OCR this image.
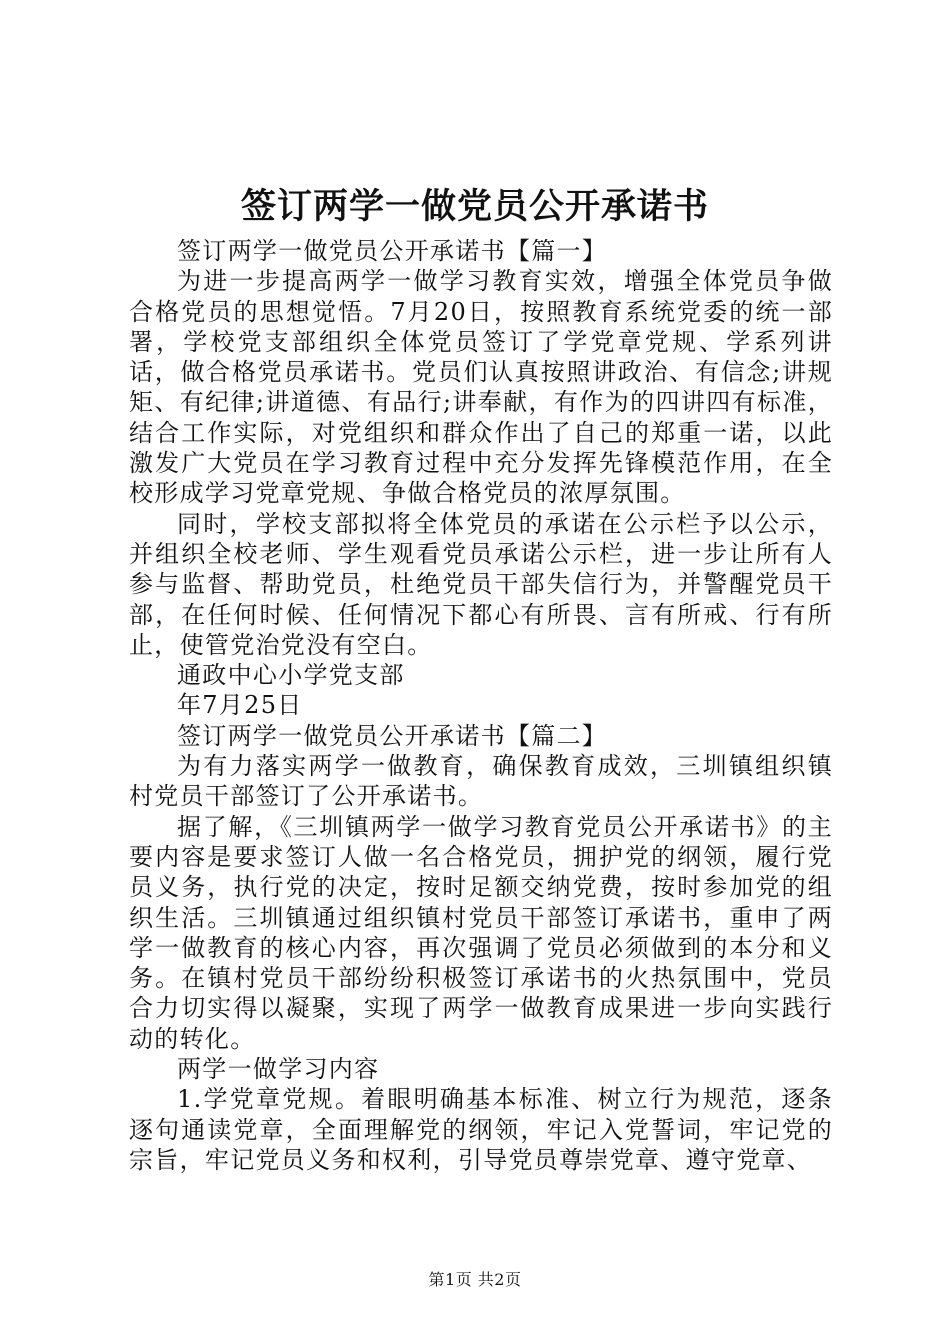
签订两学一做党员公开承诺书

签订两学一做党员公开承诺书【篇一】

为进一步提高两学一做学习教育实效，增强全体党员争做合格党员的思想觉悟。7月20日，按照教育系统党委的统一部署，学校党支部组织全体党员签订了学党章党规、学系列讲话，做合格党员承诺书。党员们认真按照讲政治、有信念;讲规矩、有纪律;讲道德、有品行;讲奉献，有作为的四讲四有标准，结合工作实际，对党组织和群众作出了自己的郑重一诺，以此激发广大党员在学习教育过程中充分发挥先锋模范作用，在全校形成学习党章党规、争做合格党员的浓厚氛围。

同时，学校支部拟将全体党员的承诺在公示栏予以公示，并组织全校老师、学生观看党员承诺公示栏，进一步让所有人参与监督、帮助党员，杜绝党员干部失信行为，并警醒党员干部，在任何时候、任何情况下都心有所畏、言有所戒、行有所止，使管党治党没有空白。

通政中心小学党支部

年7月25日

签订两学一做党员公开承诺书【篇二】

为有力落实两学一做教育，确保教育成效，三圳镇组织镇村党员干部签订了公开承诺书。

据了解，《三圳镇两学一做学习教育党员公开承诺书》的主要内容是要求签订人做一名合格党员，拥护党的纲领，履行党员义务，执行党的决定，按时足额交纳党费，按时参加党的组织生活。三圳镇通过组织镇村党员干部签订承诺书，重申了两学一做教育的核心内容，再次强调了党员必须做到的本分和义务。在镇村党员干部纷纷积极签订承诺书的火热氛围中，党员合力切实得以凝聚，实现了两学一做教育成果进一步向实践行动的转化。

两学一做学习内容

1.学党章党规。着眼明确基本标准、树立行为规范，逐条逐句通读党章，全面理解党的纲领，牢记入党誓词，牢记党的宗旨，牢记党员义务和权利，引导党员尊崇党章、遵守党章、

第1页 共2页
